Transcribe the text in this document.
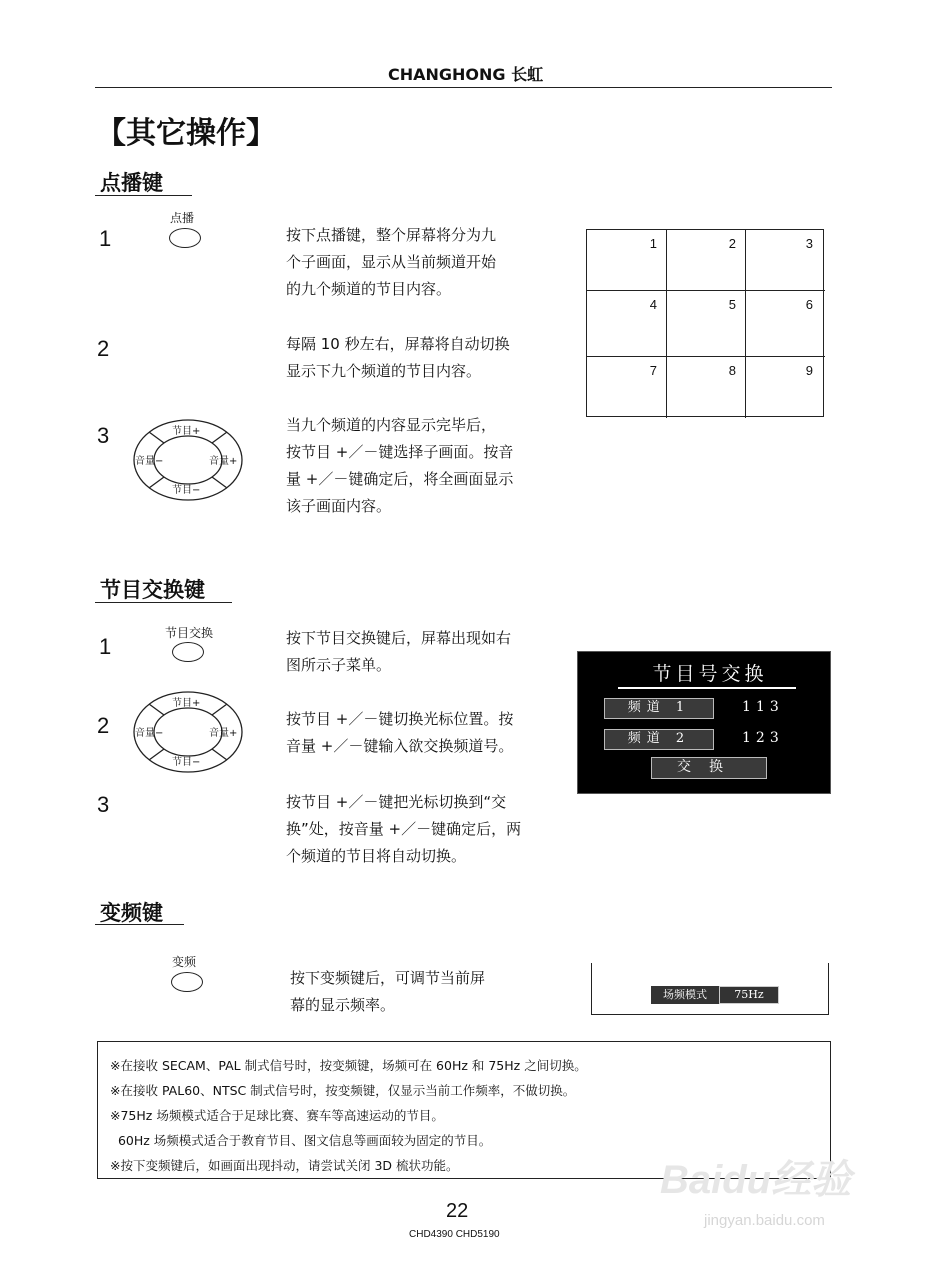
CHANGHONG 长虹
【其它操作】
点播键
1
点播
按下点播键，整个屏幕将分为九
个子画面，显示从当前频道开始
的九个频道的节目内容。
2	每隔 10 秒左右，屏幕将自动切换
显示下九个频道的节目内容。
3	节目+
节目−
音量−	音量+
当九个频道的内容显示完毕后，
按节目 +／－键选择子画面。按音
量 +／－键确定后，将全画面显示
该子画面内容。
1	2	3
4	5	6
7	8	9
节目交换键
1
节目交换	按下节目交换键后，屏幕出现如右
图所示子菜单。
2
节目+
节目−
音量−	音量+
按节目 +／－键切换光标位置。按
音量 +／－键输入欲交换频道号。
3	按节目 +／－键把光标切换到“交
换”处，按音量 +／－键确定后，两
个频道的节目将自动切换。
节目号交换
频道 1	113
频道 2	123
交换
变频键
变频
按下变频键后，可调节当前屏
幕的显示频率。
场频模式	75Hz
※在接收 SECAM、PAL 制式信号时，按变频键，场频可在 60Hz 和 75Hz 之间切换。
※在接收 PAL60、NTSC 制式信号时，按变频键，仅显示当前工作频率，不做切换。
※75Hz 场频模式适合于足球比赛、赛车等高速运动的节目。
60Hz 场频模式适合于教育节目、图文信息等画面较为固定的节目。
※按下变频键后，如画面出现抖动，请尝试关闭 3D 梳状功能。
22
CHD4390 CHD5190
Baidu经验
jingyan.baidu.com
